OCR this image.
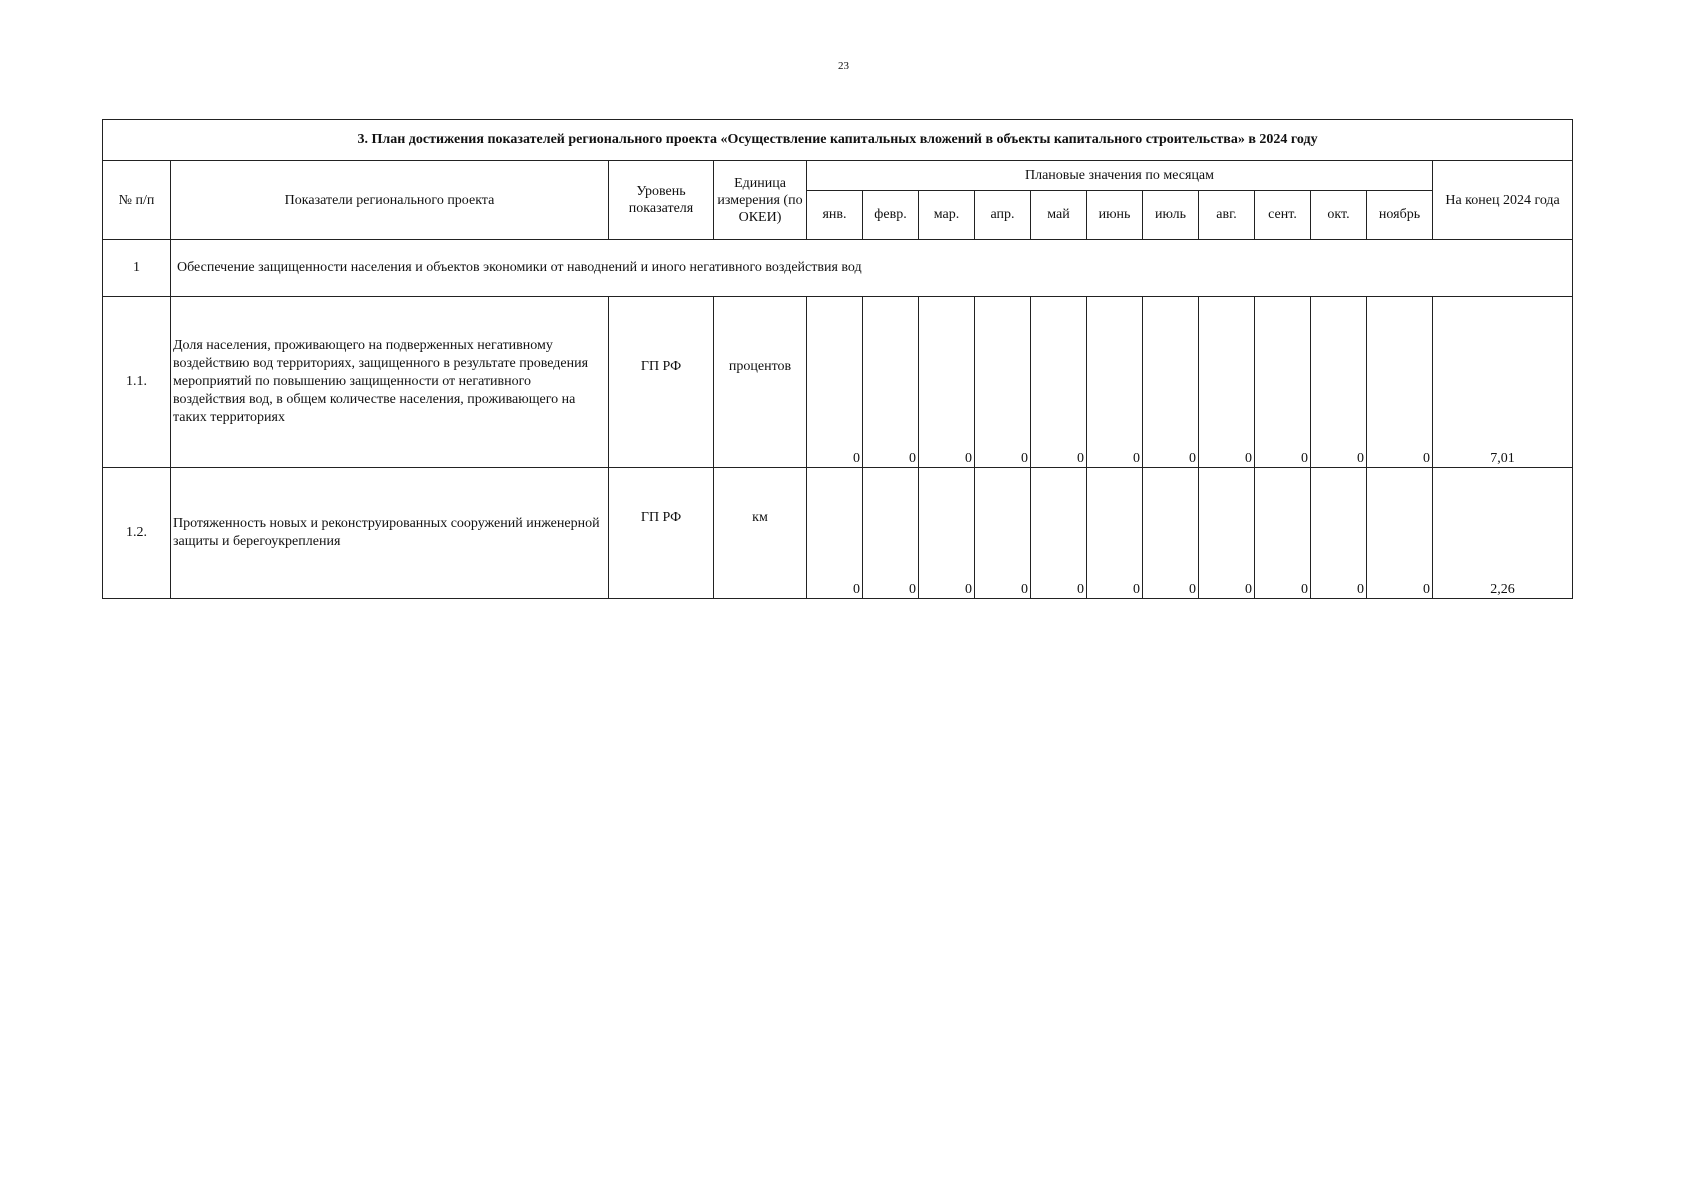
23
3. План достижения показателей регионального проекта «Осуществление капитальных вложений в объекты капитального строительства» в 2024 году															
№ п/п	Показатели регионального проекта	Уровень показателя	Единица измерения (по ОКЕИ)	Плановые значения по месяцам											На конец 2024 года
				янв.	февр.	мар.	апр.	май	июнь	июль	авг.	сент.	окт.	ноябрь	
1	Обеспечение защищенности населения и объектов экономики от наводнений и иного негативного воздействия вод														
1.1.	Доля населения, проживающего на подверженных негативному воздействию вод территориях, защищенного в результате проведения мероприятий по повышению защищенности от негативного воздействия вод, в общем количестве населения, проживающего на таких территориях	ГП РФ	процентов	0	0	0	0	0	0	0	0	0	0	0	7,01
1.2.	Протяженность новых и реконструированных сооружений инженерной защиты и берегоукрепления	ГП РФ	км	0	0	0	0	0	0	0	0	0	0	0	2,26
